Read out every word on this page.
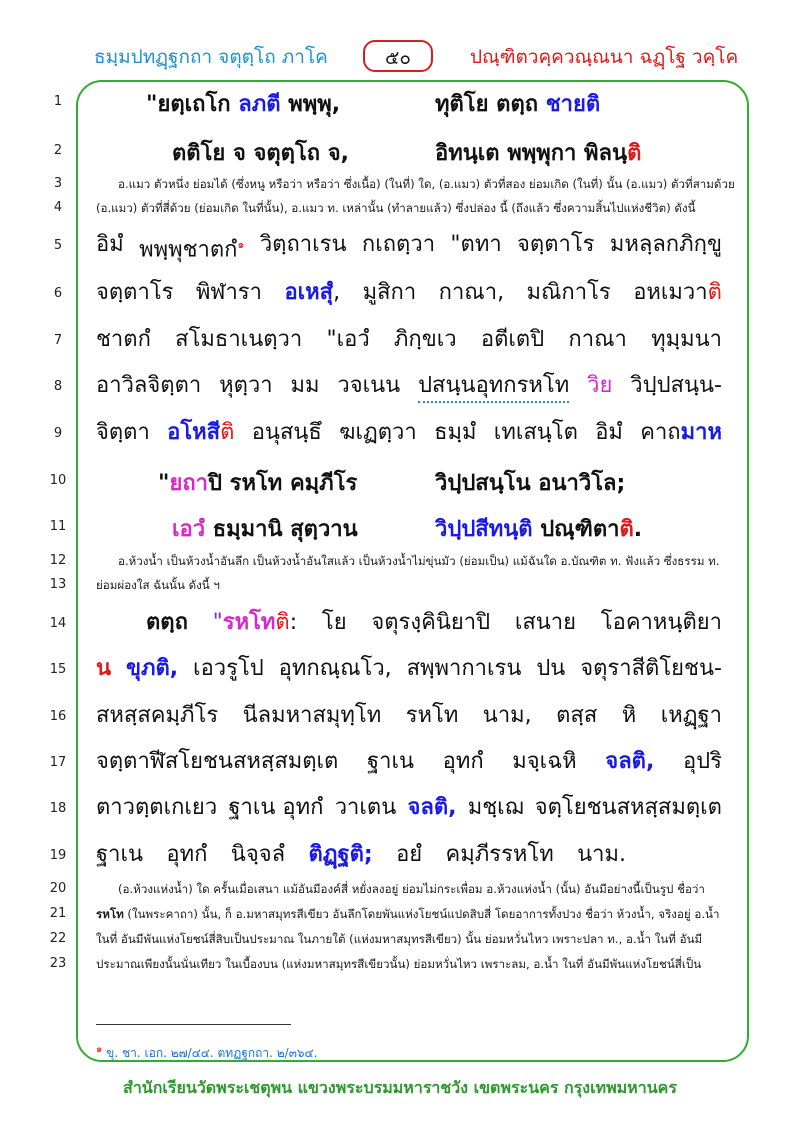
ธมฺมปทฏฺฐกถา จตุตฺโถ ภาโค	๕๐	ปณฺฑิตวคฺควณฺณนา ฉฏฺโฐ วคฺโค
1
2
3
4
5
6
7
8
9
10
11
12
13
14
15
16
17
18
19
20
21
22
23
"ยตฺเถโก ลภตี พพฺพุ,	ทุติโย ตตฺถ ชายติ
ตติโย จ จตุตฺโถ จ,	อิทนฺเต พพฺพุกา พิลนฺติ
อ.แมว ตัวหนึ่ง ย่อมได้ (ซึ่งหนู หรือว่า หรือว่า ซึ่งเนื้อ) (ในที่) ใด, (อ.แมว) ตัวที่สอง ย่อมเกิด (ในที่) นั้น (อ.แมว) ตัวที่สามด้วย
(อ.แมว) ตัวที่สี่ด้วย (ย่อมเกิด ในที่นั้น), อ.แมว ท. เหล่านั้น (ทำลายแล้ว) ซึ่งปล่อง นี้ (ถึงแล้ว ซึ่งความสิ้นไปแห่งชีวิต) ดังนี้
อิมํ พพฺพุชาตกํ$^๑$ วิตฺถาเรน กเถตฺวา "ตทา จตฺตาโร มหลฺลกภิกฺขู
จตฺตาโร พิฬารา อเหสุํ, มูสิกา กาณา, มณิกาโร อหเมวาติ
ชาตกํ สโมธาเนตฺวา "เอวํ ภิกฺขเว อตีเตปิ กาณา ทุมฺมนา
อาวิลจิตฺตา หุตฺวา มม วจเนน ปสนฺนอุทกรหโท วิย วิปฺปสนฺน-
จิตฺตา อโหสีติ อนุสนฺธึ ฆเฏตฺวา ธมฺมํ เทเสนฺโต อิมํ คาถมาห
"ยถาปิ รหโท คมฺภีโร	วิปฺปสนฺโน อนาวิโล;
เอวํ ธมฺมานิ สุตฺวาน	วิปฺปสีทนฺติ ปณฺฑิตาติ.
อ.ห้วงน้ำ เป็นห้วงน้ำอันลึก เป็นห้วงน้ำอันใสแล้ว เป็นห้วงน้ำไม่ขุ่นมัว (ย่อมเป็น) แม้ฉันใด อ.บัณฑิต ท. ฟังแล้ว ซึ่งธรรม ท.
ย่อมผ่องใส ฉันนั้น ดังนี้ ฯ
ตตฺถ "รหโทติ: โย จตุรงฺคินิยาปิ เสนาย โอคาหนฺติยา
น ขุภติ, เอวรูโป อุทกณฺณโว, สพฺพากาเรน ปน จตุราสีติโยชน-
สหสฺสคมฺภีโร นีลมหาสมุทฺโท รหโท นาม, ตสฺส หิ เหฏฺฐา
จตฺตาฬีสโยชนสหสฺสมตฺเต ฐาเน อุทกํ มจฺเฉหิ จลติ, อุปริ
ตาวตฺตเกเยว ฐาเน อุทกํ วาเตน จลติ, มชฺเฌ จตฺโยชนสหสฺสมตฺเต
ฐาเน อุทกํ นิจฺจลํ ติฏฺฐติ; อยํ คมฺภีรรหโท นาม.
(อ.ห้วงแห่งน้ำ) ใด ครั้นเมื่อเสนา แม้อันมีองค์สี่ หยั่งลงอยู่ ย่อมไม่กระเพื่อม อ.ห้วงแห่งน้ำ (นั้น) อันมีอย่างนี้เป็นรูป ชื่อว่า
รหโท (ในพระคาถา) นั้น, ก็ อ.มหาสมุทรสีเขียว อันลึกโดยพันแห่งโยชน์แปดสิบสี่ โดยอาการทั้งปวง ชื่อว่า ห้วงน้ำ, จริงอยู่ อ.น้ำ
ในที่ อันมีพันแห่งโยชน์สี่สิบเป็นประมาณ ในภายใต้ (แห่งมหาสมุทรสีเขียว) นั้น ย่อมหวั่นไหว เพราะปลา ท., อ.น้ำ ในที่ อันมี
ประมาณเพียงนั้นนั่นเทียว ในเบื้องบน (แห่งมหาสมุทรสีเขียวนั้น) ย่อมหวั่นไหว เพราะลม, อ.น้ำ ในที่ อันมีพันแห่งโยชน์สี่เป็น
$^๑$ ขุ. ชา. เอก. ๒๗/๔๔. ตทฏฺฐกถา. ๒/๓๖๔.
สำนักเรียนวัดพระเชตุพน แขวงพระบรมมหาราชวัง เขตพระนคร กรุงเทพมหานคร
